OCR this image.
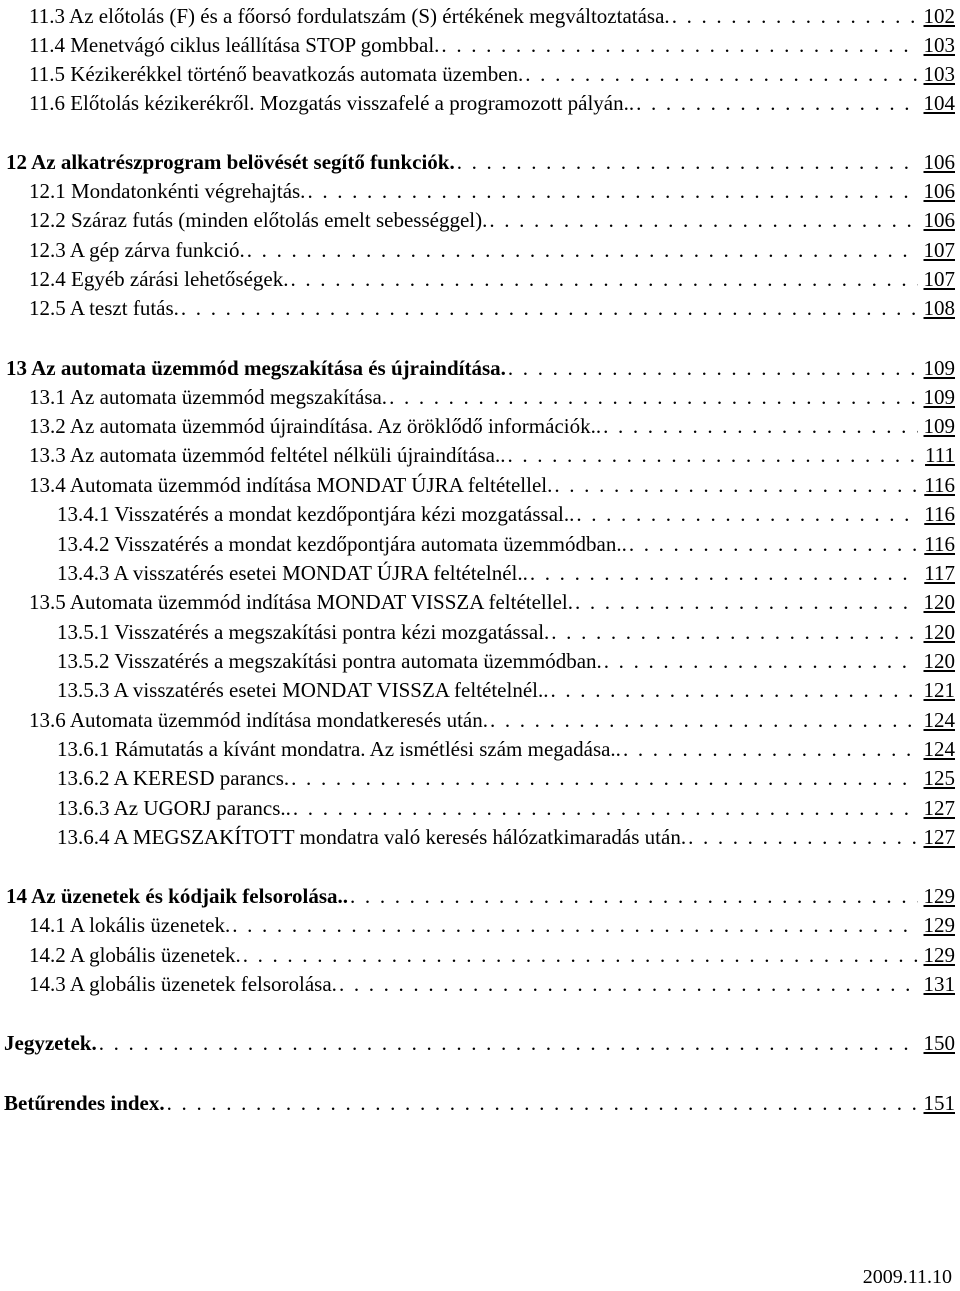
11.3 Az előtolás (F) és a főorsó fordulatszám (S) értékének megváltoztatása. . . .	102
11.4 Menetvágó ciklus leállítása STOP gombbal. . . .	103
11.5 Kézikerékkel történő beavatkozás automata üzemben. . . .	103
11.6 Előtolás kézikerékről. Mozgatás visszafelé a programozott pályán.. . . .	104
12 Az alkatrészprogram belövését segítő funkciók. . . .	106
12.1 Mondatonkénti végrehajtás. . . .	106
12.2 Száraz futás (minden előtolás emelt sebességgel). . . .	106
12.3 A gép zárva funkció. . . .	107
12.4 Egyéb zárási lehetőségek. . . .	107
12.5 A teszt futás. . . .	108
13 Az automata üzemmód megszakítása és újraindítása. . . .	109
13.1 Az automata üzemmód megszakítása. . . .	109
13.2 Az automata üzemmód újraindítása. Az öröklődő információk.. . . .	109
13.3 Az automata üzemmód feltétel nélküli újraindítása.. . . .	111
13.4 Automata üzemmód indítása MONDAT ÚJRA feltétellel. . . .	116
13.4.1 Visszatérés a mondat kezdőpontjára kézi mozgatással.. . . .	116
13.4.2 Visszatérés a mondat kezdőpontjára automata üzemmódban.. . . .	116
13.4.3 A visszatérés esetei MONDAT ÚJRA feltételnél.. . . .	117
13.5 Automata üzemmód indítása MONDAT VISSZA feltétellel. . . .	120
13.5.1 Visszatérés a megszakítási pontra kézi mozgatással. . . .	120
13.5.2 Visszatérés a megszakítási pontra automata üzemmódban. . . .	120
13.5.3 A visszatérés esetei MONDAT VISSZA feltételnél.. . . .	121
13.6 Automata üzemmód indítása mondatkeresés után. . . .	124
13.6.1 Rámutatás a kívánt mondatra. Az ismétlési szám megadása.. . . .	124
13.6.2 A KERESD parancs. . . .	125
13.6.3 Az UGORJ parancs.. . . .	127
13.6.4 A MEGSZAKÍTOTT mondatra való keresés hálózatkimaradás után. . . .	127
14 Az üzenetek és kódjaik felsorolása.. . . .	129
14.1 A lokális üzenetek. . . .	129
14.2 A globális üzenetek. . . .	129
14.3 A globális üzenetek felsorolása. . . .	131
Jegyzetek. . . .	150
Betűrendes index. . . .	151
2009.11.10
